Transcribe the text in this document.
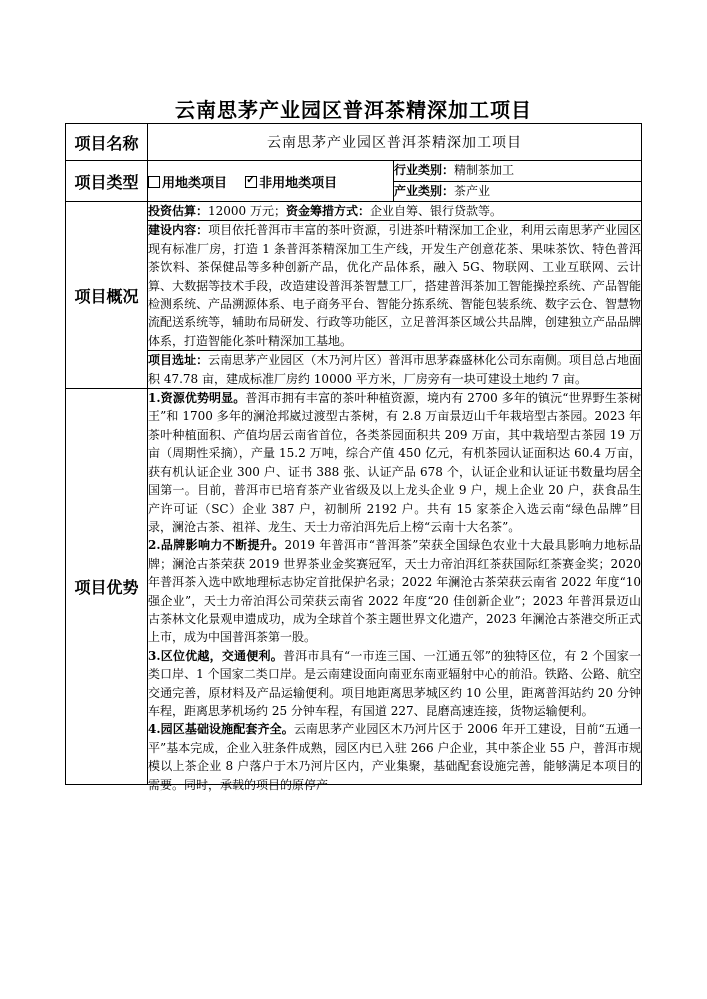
云南思茅产业园区普洱茶精深加工项目
项目名称	云南思茅产业园区普洱茶精深加工项目	
项目类型	用地类项目 ✓ 非用地类项目	行业类别：精制茶加工
		产业类别：茶产业
项目概况	投资估算：12000 万元；资金筹措方式：企业自筹、银行贷款等。	
	建设内容：项目依托普洱市丰富的茶叶资源，引进茶叶精深加工企业，利用云南思茅产业园区现有标准厂房，打造 1 条普洱茶精深加工生产线，开发生产创意花茶、果味茶饮、特色普洱茶饮料、茶保健品等多种创新产品，优化产品体系，融入 5G、物联网、工业互联网、云计算、大数据等技术手段，改造建设普洱茶智慧工厂，搭建普洱茶加工智能操控系统、产品智能检测系统、产品溯源体系、电子商务平台、智能分拣系统、智能包装系统、数字云仓、智慧物流配送系统等，辅助布局研发、行政等功能区，立足普洱茶区域公共品牌，创建独立产品品牌体系，打造智能化茶叶精深加工基地。	
	项目选址：云南思茅产业园区（木乃河片区）普洱市思茅森盛林化公司东南侧。项目总占地面积 47.78 亩，建成标准厂房约 10000 平方米，厂房旁有一块可建设土地约 7 亩。	
项目优势	1.资源优势明显。普洱市拥有丰富的茶叶种植资源，境内有 2700 多年的镇沅“世界野生茶树王”和 1700 多年的澜沧邦崴过渡型古茶树，有 2.8 万亩景迈山千年栽培型古茶园。2023 年茶叶种植面积、产值均居云南省首位，各类茶园面积共 209 万亩，其中栽培型古茶园 19 万亩（周期性采摘），产量 15.2 万吨，综合产值 450 亿元，有机茶园认证面积达 60.4 万亩，获有机认证企业 300 户、证书 388 张、认证产品 678 个，认证企业和认证证书数量均居全国第一。目前，普洱市已培育茶产业省级及以上龙头企业 9 户，规上企业 20 户，获食品生产许可证（SC）企业 387 户，初制所 2192 户。共有 15 家茶企入选云南“绿色品牌”目录，澜沧古茶、祖祥、龙生、天士力帝泊洱先后上榜“云南十大名茶”。

2.品牌影响力不断提升。2019 年普洱市“普洱茶”荣获全国绿色农业十大最具影响力地标品牌；澜沧古茶荣获 2019 世界茶业金奖赛冠军，天士力帝泊洱红茶获国际红茶赛金奖；2020 年普洱茶入选中欧地理标志协定首批保护名录；2022 年澜沧古茶荣获云南省 2022 年度“10 强企业”，天士力帝泊洱公司荣获云南省 2022 年度“20 佳创新企业”；2023 年普洱景迈山古茶林文化景观申遗成功，成为全球首个茶主题世界文化遗产，2023 年澜沧古茶港交所正式上市，成为中国普洱茶第一股。

3.区位优越，交通便利。普洱市具有“一市连三国、一江通五邻”的独特区位，有 2 个国家一类口岸、1 个国家二类口岸。是云南建设面向南亚东南亚辐射中心的前沿。铁路、公路、航空交通完善，原材料及产品运输便利。项目地距离思茅城区约 10 公里，距离普洱站约 20 分钟车程，距离思茅机场约 25 分钟车程，有国道 227、昆磨高速连接，货物运输便利。

4.园区基础设施配套齐全。云南思茅产业园区木乃河片区于 2006 年开工建设，目前“五通一平”基本完成，企业入驻条件成熟，园区内已入驻 266 户企业，其中茶企业 55 户，普洱市规模以上茶企业 8 户落户于木乃河片区内，产业集聚，基础配套设施完善，能够满足本项目的需要。同时，承载的项目的原停产	
